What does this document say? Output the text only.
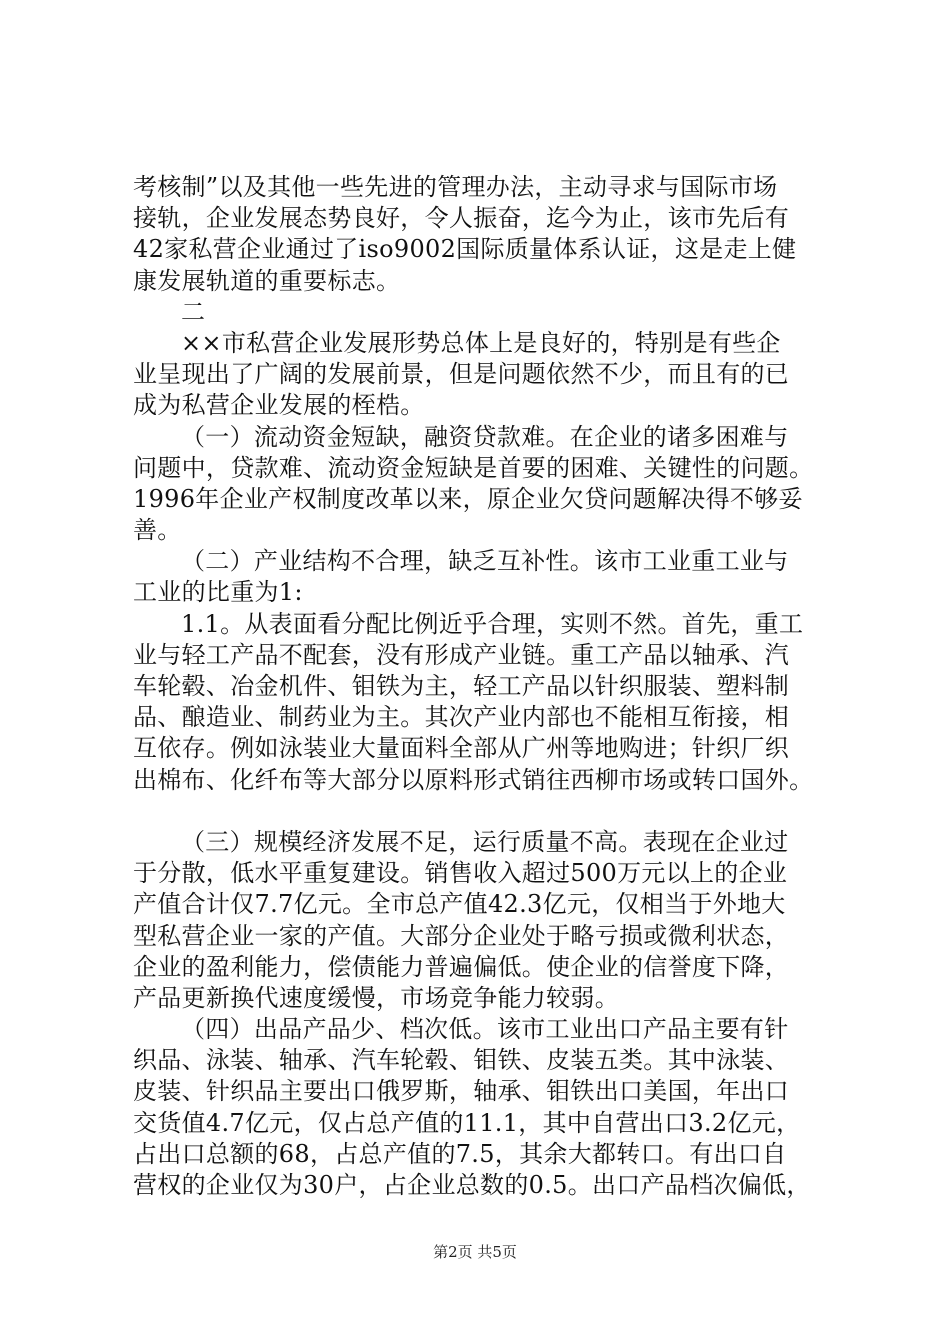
考核制”以及其他一些先进的管理办法，主动寻求与国际市场
接轨，企业发展态势良好，令人振奋，迄今为止，该市先后有
42家私营企业通过了iso9002国际质量体系认证，这是走上健
康发展轨道的重要标志。
二
××市私营企业发展形势总体上是良好的，特别是有些企
业呈现出了广阔的发展前景，但是问题依然不少，而且有的已
成为私营企业发展的桎梏。
（一）流动资金短缺，融资贷款难。在企业的诸多困难与
问题中，贷款难、流动资金短缺是首要的困难、关键性的问题。
1996年企业产权制度改革以来，原企业欠贷问题解决得不够妥
善。
（二）产业结构不合理，缺乏互补性。该市工业重工业与
工业的比重为1:
1.1。从表面看分配比例近乎合理，实则不然。首先，重工
业与轻工产品不配套，没有形成产业链。重工产品以轴承、汽
车轮毂、冶金机件、钼铁为主，轻工产品以针织服装、塑料制
品、酿造业、制药业为主。其次产业内部也不能相互衔接，相
互依存。例如泳装业大量面料全部从广州等地购进；针织厂织
出棉布、化纤布等大部分以原料形式销往西柳市场或转口国外。
（三）规模经济发展不足，运行质量不高。表现在企业过
于分散，低水平重复建设。销售收入超过500万元以上的企业
产值合计仅7.7亿元。全市总产值42.3亿元，仅相当于外地大
型私营企业一家的产值。大部分企业处于略亏损或微利状态，
企业的盈利能力，偿债能力普遍偏低。使企业的信誉度下降，
产品更新换代速度缓慢，市场竞争能力较弱。
（四）出品产品少、档次低。该市工业出口产品主要有针
织品、泳装、轴承、汽车轮毂、钼铁、皮装五类。其中泳装、
皮装、针织品主要出口俄罗斯，轴承、钼铁出口美国，年出口
交货值4.7亿元，仅占总产值的11.1，其中自营出口3.2亿元，
占出口总额的68，占总产值的7.5，其余大都转口。有出口自
营权的企业仅为30户，占企业总数的0.5。出口产品档次偏低，
第2页 共5页
